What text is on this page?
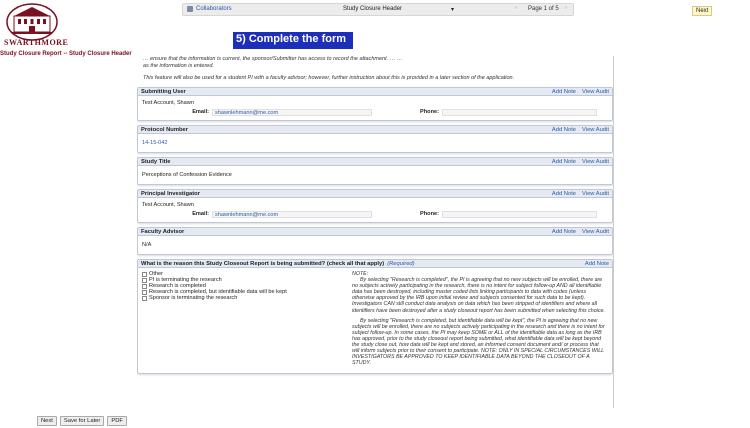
SWARTHMORE
Study Closure Report -- Study Closure Header
Collaborators	Study Closure Header	▾	‹ Page 1 of 5 ›	Next
5) Complete the form

… ensure that the information is current, the sponsor/Submitter has access to record the attachment. … …
as the information is entered.

This feature will also be used for a student PI with a faculty advisor; however, further instruction about this is provided in a later section of the application.

Submitting User	Add Note View Audit
Test Account, Shawn
Email:	shawnlehmann@me.com	Phone:
Protocol Number	Add Note View Audit
14-15-042
Study Title	Add Note View Audit
Perceptions of Confession Evidence
Principal Investigator	Add Note View Audit
Test Account, Shawn
Email:	shawnlehmann@me.com	Phone:
Faculty Advisor	Add Note View Audit
N/A
What is the reason this Study Closeout Report is being submitted? (check all that apply) (Required)	Add Note
Other
PI is terminating the research
Research is completed
Research is completed, but identifiable data will be kept
Sponsor is terminating the research

NOTE:

By selecting "Research is completed", the PI is agreeing that no new subjects will be enrolled, there are no subjects actively participating in the research, there is no intent for subject follow-up AND all identifiable data has been destroyed, including master coded lists linking participants to data with codes (unless otherwise approved by the IRB upon initial review and subjects consented for such data to be kept). Investigators CAN still conduct data analysis on data which has been stripped of identifiers and where all identifiers have been destroyed after a study closeout report has been submitted when selecting this choice.

By selecting "Research is completed, but identifiable data will be kept", the PI is agreeing that no new subjects will be enrolled, there are no subjects actively participating in the research and there is no intent for subject follow-up. In some cases, the PI may keep SOME or ALL of the identifiable data as long as the IRB has approved, prior to the study closeout report being submitted, what identifiable data will be kept beyond the study close out, how data will be kept and stored, an informed consent document and/ or process that will inform subjects prior to their consent to participate. NOTE: ONLY IN SPECIAL CIRCUMSTANCES WILL INVESTIGATORS BE APPROVED TO KEEP IDENTIFIABLE DATA BEYOND THE CLOSEOUT OF A STUDY.

Next	Save for Later	PDF
